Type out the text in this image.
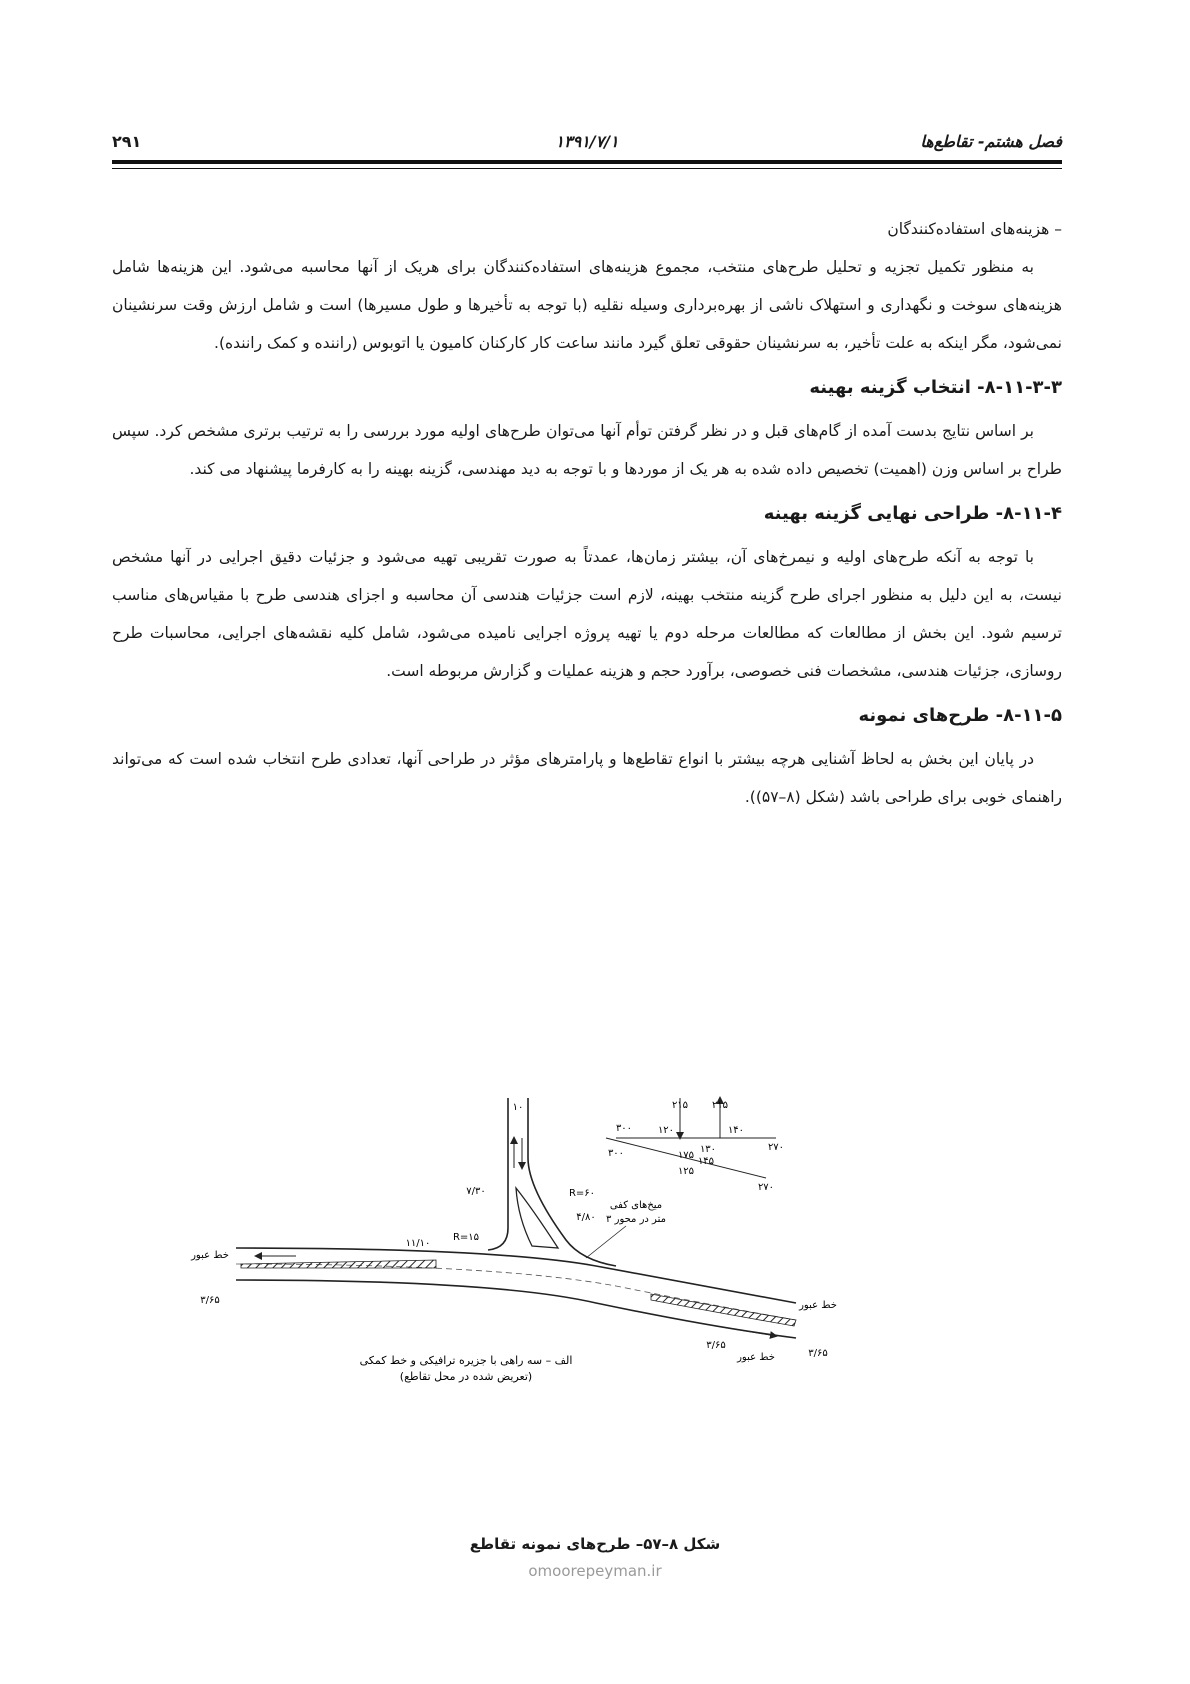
فصل هشتم- تقاطع‌ها
۱۳۹۱/۷/۱
۲۹۱

– هزینه‌های استفاده‌کنندگان

به منظور تکمیل تجزیه و تحلیل طرح‌های منتخب، مجموع هزینه‌های استفاده‌کنندگان برای هریک از آنها محاسبه می‌شود. این هزینه‌ها شامل هزینه‌های سوخت و نگهداری و استهلاک ناشی از بهره‌برداری وسیله نقلیه (با توجه به تأخیرها و طول مسیرها) است و شامل ارزش وقت سرنشینان نمی‌شود، مگر اینکه به علت تأخیر، به سرنشینان حقوقی تعلق گیرد مانند ساعت کار کارکنان کامیون یا اتوبوس (راننده و کمک راننده).

۸-۱۱-۳-۳- انتخاب گزینه بهینه

بر اساس نتایج بدست آمده از گام‌های قبل و در نظر گرفتن توأم آنها می‌توان طرح‌های اولیه مورد بررسی را به ترتیب برتری مشخص کرد. سپس طراح بر اساس وزن (اهمیت) تخصیص داده شده به هر یک از موردها و با توجه به دید مهندسی، گزینه بهینه را به کارفرما پیشنهاد می کند.

۸-۱۱-۴- طراحی نهایی گزینه بهینه

با توجه به آنکه طرح‌های اولیه و نیمرخ‌های آن، بیشتر زمان‌ها، عمدتاً به صورت تقریبی تهیه می‌شود و جزئیات دقیق اجرایی در آنها مشخص نیست، به این دلیل به منظور اجرای طرح گزینه منتخب بهینه، لازم است جزئیات هندسی آن محاسبه و اجزای هندسی طرح با مقیاس‌های مناسب ترسیم شود. این بخش از مطالعات که مطالعات مرحله دوم یا تهیه پروژه اجرایی نامیده می‌شود، شامل کلیه نقشه‌های اجرایی، محاسبات طرح روسازی، جزئیات هندسی، مشخصات فنی خصوصی، برآورد حجم و هزینه عملیات و گزارش مربوطه است.

۸-۱۱-۵- طرح‌های نمونه

در پایان این بخش به لحاظ آشنایی هرچه بیشتر با انواع تقاطع‌ها و پارامترهای مؤثر در طراحی آنها، تعدادی طرح انتخاب شده است که می‌تواند راهنمای خوبی برای طراحی باشد (شکل (۸–۵۷)).

۱۰	۲۱۵ ۲۱۵
۱۲۰	۱۴۰
۱۳۰
۳۰۰
۳۰۰
۲۷۰
۲۷۰
۱۷۵
۱۴۵
۱۲۵
۷/۳۰	R=۶۰
۴/۸۰
۱۱/۱۰
R=۱۵
۳/۶۵
۳/۶۵
۳/۶۵
خط عبور
خط عبور
خط عبور
میخ‌های کفی
۳ متر در محور
الف – سه راهی با جزیره ترافیکی و خط کمکی
(تعریض شده در محل تقاطع)
شکل ۸–۵۷– طرح‌های نمونه تقاطع
omoorepeyman.ir
